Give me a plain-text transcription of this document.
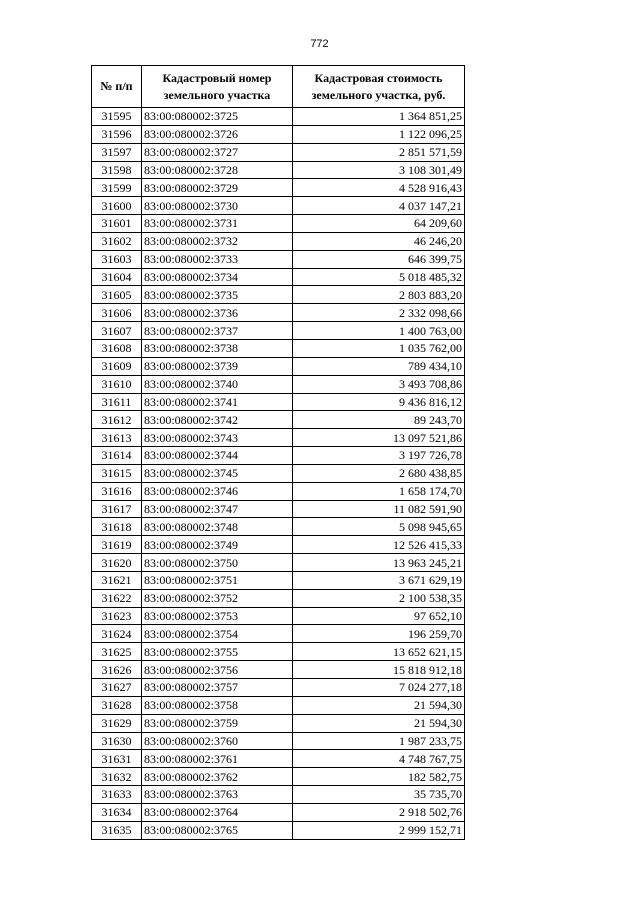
772
№ п/п	Кадастровый номер земельного участка	Кадастровая стоимость земельного участка, руб.
31595	83:00:080002:3725	1 364 851,25
31596	83:00:080002:3726	1 122 096,25
31597	83:00:080002:3727	2 851 571,59
31598	83:00:080002:3728	3 108 301,49
31599	83:00:080002:3729	4 528 916,43
31600	83:00:080002:3730	4 037 147,21
31601	83:00:080002:3731	64 209,60
31602	83:00:080002:3732	46 246,20
31603	83:00:080002:3733	646 399,75
31604	83:00:080002:3734	5 018 485,32
31605	83:00:080002:3735	2 803 883,20
31606	83:00:080002:3736	2 332 098,66
31607	83:00:080002:3737	1 400 763,00
31608	83:00:080002:3738	1 035 762,00
31609	83:00:080002:3739	789 434,10
31610	83:00:080002:3740	3 493 708,86
31611	83:00:080002:3741	9 436 816,12
31612	83:00:080002:3742	89 243,70
31613	83:00:080002:3743	13 097 521,86
31614	83:00:080002:3744	3 197 726,78
31615	83:00:080002:3745	2 680 438,85
31616	83:00:080002:3746	1 658 174,70
31617	83:00:080002:3747	11 082 591,90
31618	83:00:080002:3748	5 098 945,65
31619	83:00:080002:3749	12 526 415,33
31620	83:00:080002:3750	13 963 245,21
31621	83:00:080002:3751	3 671 629,19
31622	83:00:080002:3752	2 100 538,35
31623	83:00:080002:3753	97 652,10
31624	83:00:080002:3754	196 259,70
31625	83:00:080002:3755	13 652 621,15
31626	83:00:080002:3756	15 818 912,18
31627	83:00:080002:3757	7 024 277,18
31628	83:00:080002:3758	21 594,30
31629	83:00:080002:3759	21 594,30
31630	83:00:080002:3760	1 987 233,75
31631	83:00:080002:3761	4 748 767,75
31632	83:00:080002:3762	182 582,75
31633	83:00:080002:3763	35 735,70
31634	83:00:080002:3764	2 918 502,76
31635	83:00:080002:3765	2 999 152,71
